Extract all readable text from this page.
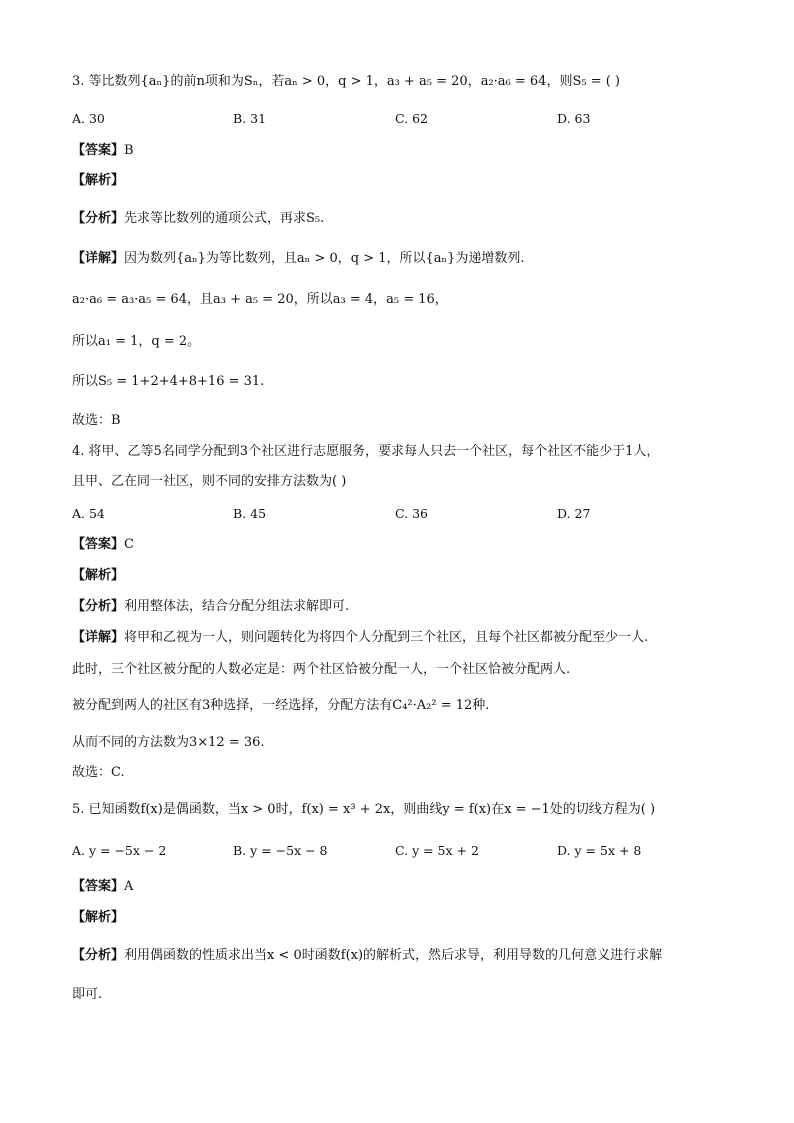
3. 等比数列{aₙ}的前n项和为Sₙ，若aₙ > 0，q > 1，a₃ + a₅ = 20，a₂·a₆ = 64，则S₅ = ( )
A. 30	B. 31	C. 62	D. 63
【答案】B
【解析】
【分析】先求等比数列的通项公式，再求S₅.
【详解】因为数列{aₙ}为等比数列，且aₙ > 0，q > 1，所以{aₙ}为递增数列.
a₂·a₆ = a₃·a₅ = 64，且a₃ + a₅ = 20，所以a₃ = 4，a₅ = 16，
所以a₁ = 1，q = 2。
所以S₅ = 1+2+4+8+16 = 31.
故选：B
4. 将甲、乙等5名同学分配到3个社区进行志愿服务，要求每人只去一个社区，每个社区不能少于1人，
且甲、乙在同一社区，则不同的安排方法数为( )
A. 54	B. 45	C. 36	D. 27
【答案】C
【解析】
【分析】利用整体法，结合分配分组法求解即可.
【详解】将甲和乙视为一人，则问题转化为将四个人分配到三个社区，且每个社区都被分配至少一人.
此时，三个社区被分配的人数必定是：两个社区恰被分配一人，一个社区恰被分配两人.
被分配到两人的社区有3种选择，一经选择，分配方法有C₄²·A₂² = 12种.
从而不同的方法数为3×12 = 36.
故选：C.
5. 已知函数f(x)是偶函数，当x > 0时，f(x) = x³ + 2x，则曲线y = f(x)在x = −1处的切线方程为( )
A. y = −5x − 2	B. y = −5x − 8	C. y = 5x + 2	D. y = 5x + 8
【答案】A
【解析】
【分析】利用偶函数的性质求出当x < 0时函数f(x)的解析式，然后求导，利用导数的几何意义进行求解
即可.
